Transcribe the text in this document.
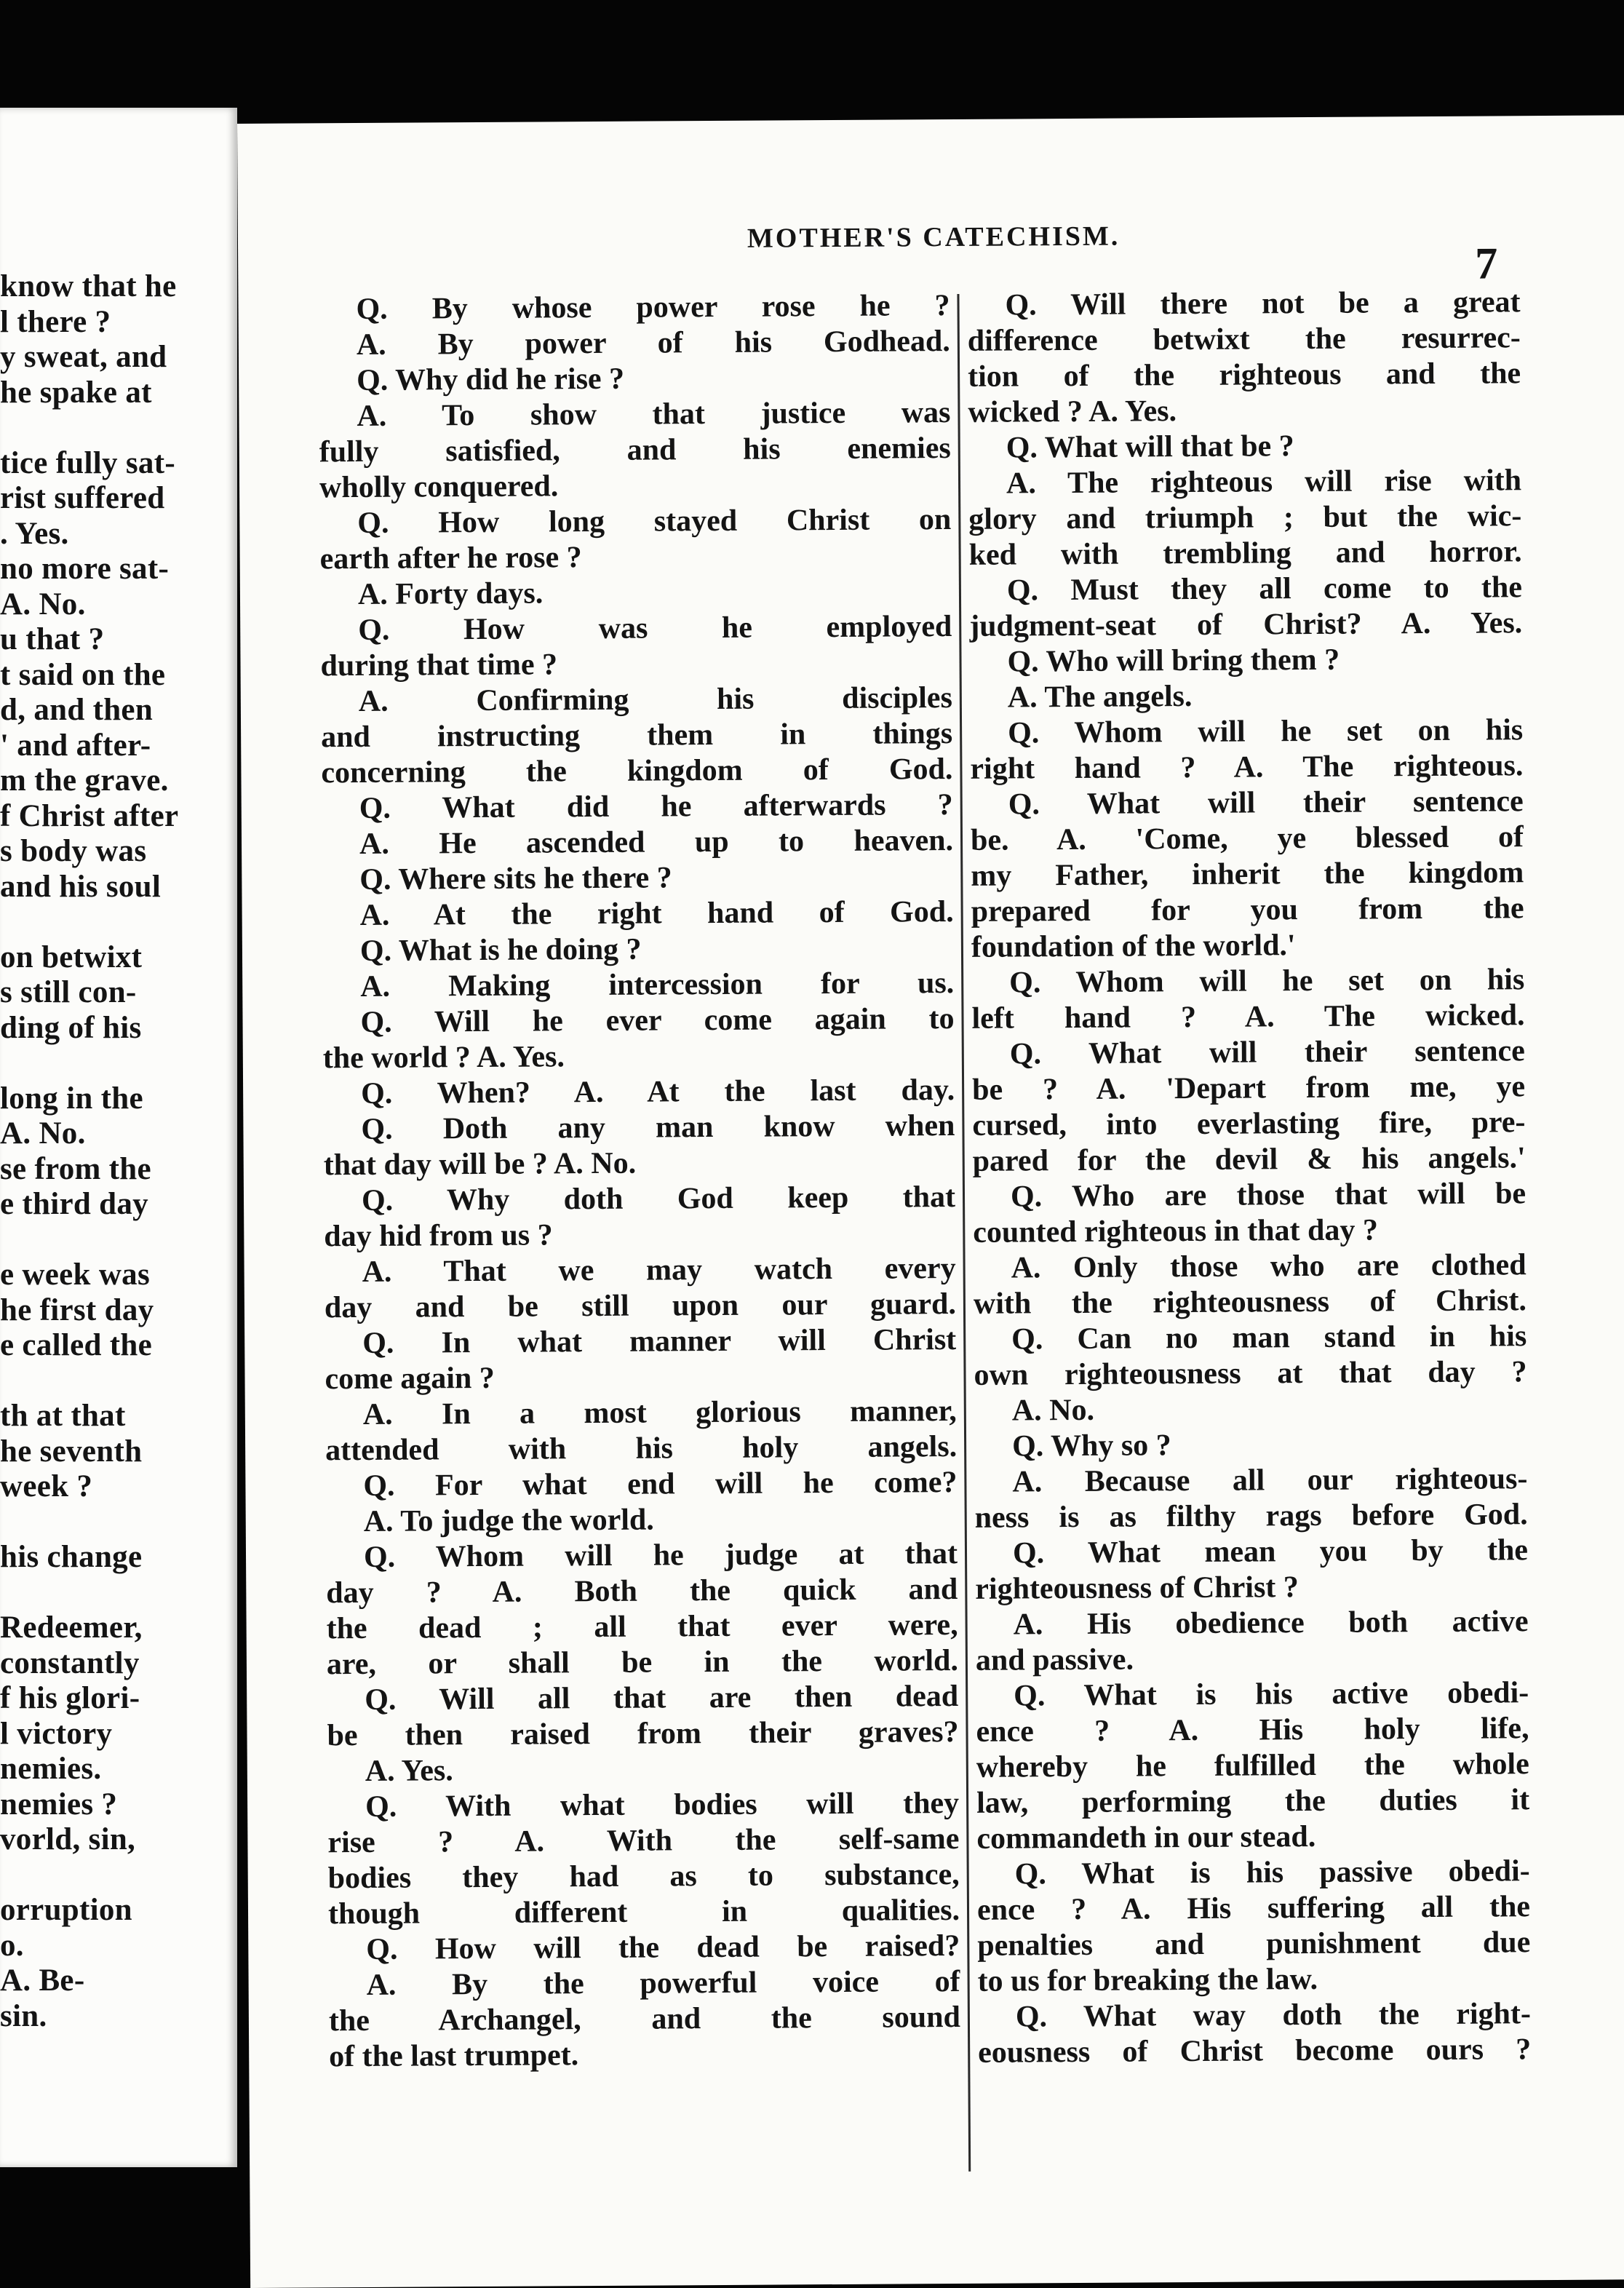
know that he
l there ?
y sweat, and
he spake at
tice fully sat-
rist suffered
. Yes.
no more sat-
A. No.
u that ?
t said on the
d, and then
' and after-
m the grave.
f Christ after
s body was
and his soul
on betwixt
s still con-
ding of his
long in the
A. No.
se from the
e third day
e week was
he first day
e called the
th at that
he seventh
week ?
his change
Redeemer,
constantly
f his glori-
l victory
nemies.
nemies ?
vorld, sin,
orruption
o.
A. Be-
sin.
MOTHER'S CATECHISM.
7
Q. By whose power rose he ?
A. By power of his Godhead.
Q. Why did he rise ?
A. To show that justice was
fully satisfied, and his enemies
wholly conquered.
Q. How long stayed Christ on
earth after he rose ?
A. Forty days.
Q. How was he employed
during that time ?
A. Confirming his disciples
and instructing them in things
concerning the kingdom of God.
Q. What did he afterwards ?
A. He ascended up to heaven.
Q. Where sits he there ?
A. At the right hand of God.
Q. What is he doing ?
A. Making intercession for us.
Q. Will he ever come again to
the world ? A. Yes.
Q. When? A. At the last day.
Q. Doth any man know when
that day will be ? A. No.
Q. Why doth God keep that
day hid from us ?
A. That we may watch every
day and be still upon our guard.
Q. In what manner will Christ
come again ?
A. In a most glorious manner,
attended with his holy angels.
Q. For what end will he come?
A. To judge the world.
Q. Whom will he judge at that
day ? A. Both the quick and
the dead ; all that ever were,
are, or shall be in the world.
Q. Will all that are then dead
be then raised from their graves?
A. Yes.
Q. With what bodies will they
rise ? A. With the self-same
bodies they had as to substance,
though different in qualities.
Q. How will the dead be raised?
A. By the powerful voice of
the Archangel, and the sound
of the last trumpet.
Q. Will there not be a great
difference betwixt the resurrec-
tion of the righteous and the
wicked ? A. Yes.
Q. What will that be ?
A. The righteous will rise with
glory and triumph ; but the wic-
ked with trembling and horror.
Q. Must they all come to the
judgment-seat of Christ? A. Yes.
Q. Who will bring them ?
A. The angels.
Q. Whom will he set on his
right hand ? A. The righteous.
Q. What will their sentence
be. A. 'Come, ye blessed of
my Father, inherit the kingdom
prepared for you from the
foundation of the world.'
Q. Whom will he set on his
left hand ? A. The wicked.
Q. What will their sentence
be ? A. 'Depart from me, ye
cursed, into everlasting fire, pre-
pared for the devil & his angels.'
Q. Who are those that will be
counted righteous in that day ?
A. Only those who are clothed
with the righteousness of Christ.
Q. Can no man stand in his
own righteousness at that day ?
A. No.
Q. Why so ?
A. Because all our righteous-
ness is as filthy rags before God.
Q. What mean you by the
righteousness of Christ ?
A. His obedience both active
and passive.
Q. What is his active obedi-
ence ? A. His holy life,
whereby he fulfilled the whole
law, performing the duties it
commandeth in our stead.
Q. What is his passive obedi-
ence ? A. His suffering all the
penalties and punishment due
to us for breaking the law.
Q. What way doth the right-
eousness of Christ become ours ?
